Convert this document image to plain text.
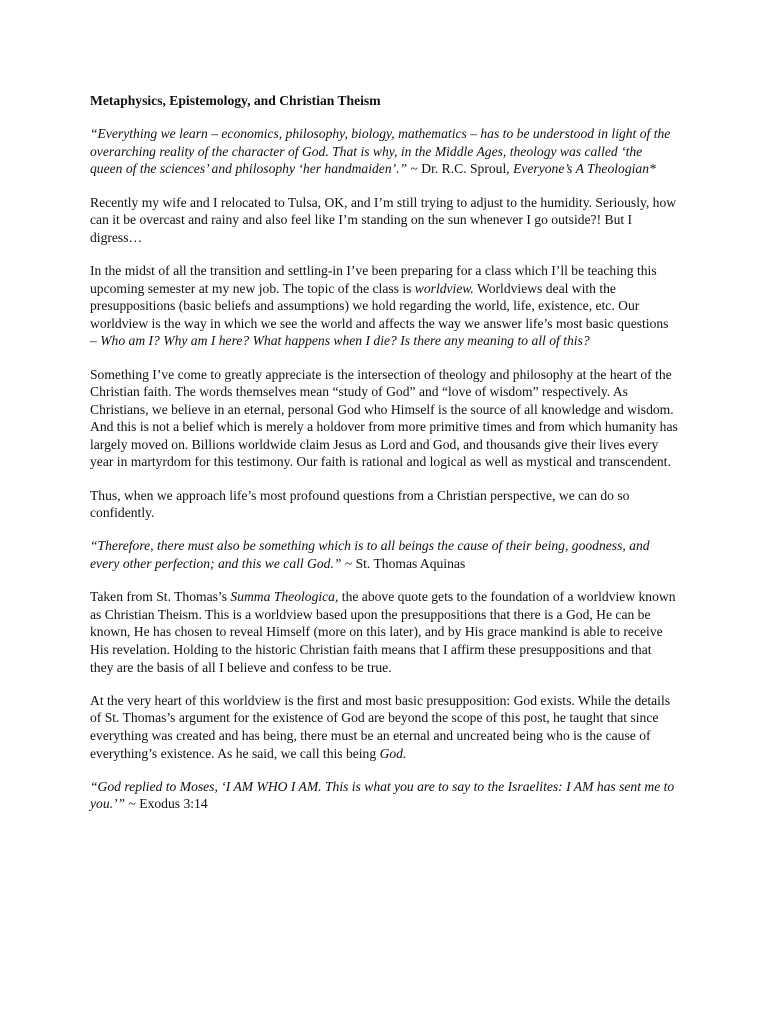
Metaphysics, Epistemology, and Christian Theism

“Everything we learn – economics, philosophy, biology, mathematics – has to be understood in light of the overarching reality of the character of God. That is why, in the Middle Ages, theology was called ‘the queen of the sciences’ and philosophy ‘her handmaiden’.” ~ Dr. R.C. Sproul, Everyone’s A Theologian*

Recently my wife and I relocated to Tulsa, OK, and I’m still trying to adjust to the humidity. Seriously, how can it be overcast and rainy and also feel like I’m standing on the sun whenever I go outside?! But I digress…

In the midst of all the transition and settling-in I’ve been preparing for a class which I’ll be teaching this upcoming semester at my new job. The topic of the class is worldview. Worldviews deal with the presuppositions (basic beliefs and assumptions) we hold regarding the world, life, existence, etc. Our worldview is the way in which we see the world and affects the way we answer life’s most basic questions – Who am I? Why am I here? What happens when I die? Is there any meaning to all of this?

Something I’ve come to greatly appreciate is the intersection of theology and philosophy at the heart of the Christian faith. The words themselves mean “study of God” and “love of wisdom” respectively. As Christians, we believe in an eternal, personal God who Himself is the source of all knowledge and wisdom. And this is not a belief which is merely a holdover from more primitive times and from which humanity has largely moved on. Billions worldwide claim Jesus as Lord and God, and thousands give their lives every year in martyrdom for this testimony. Our faith is rational and logical as well as mystical and transcendent.

Thus, when we approach life’s most profound questions from a Christian perspective, we can do so confidently.

“Therefore, there must also be something which is to all beings the cause of their being, goodness, and every other perfection; and this we call God.” ~ St. Thomas Aquinas

Taken from St. Thomas’s Summa Theologica, the above quote gets to the foundation of a worldview known as Christian Theism. This is a worldview based upon the presuppositions that there is a God, He can be known, He has chosen to reveal Himself (more on this later), and by His grace mankind is able to receive His revelation. Holding to the historic Christian faith means that I affirm these presuppositions and that they are the basis of all I believe and confess to be true.

At the very heart of this worldview is the first and most basic presupposition: God exists. While the details of St. Thomas’s argument for the existence of God are beyond the scope of this post, he taught that since everything was created and has being, there must be an eternal and uncreated being who is the cause of everything’s existence. As he said, we call this being God.

“God replied to Moses, ‘I AM WHO I AM. This is what you are to say to the Israelites: I AM has sent me to you.’” ~ Exodus 3:14
